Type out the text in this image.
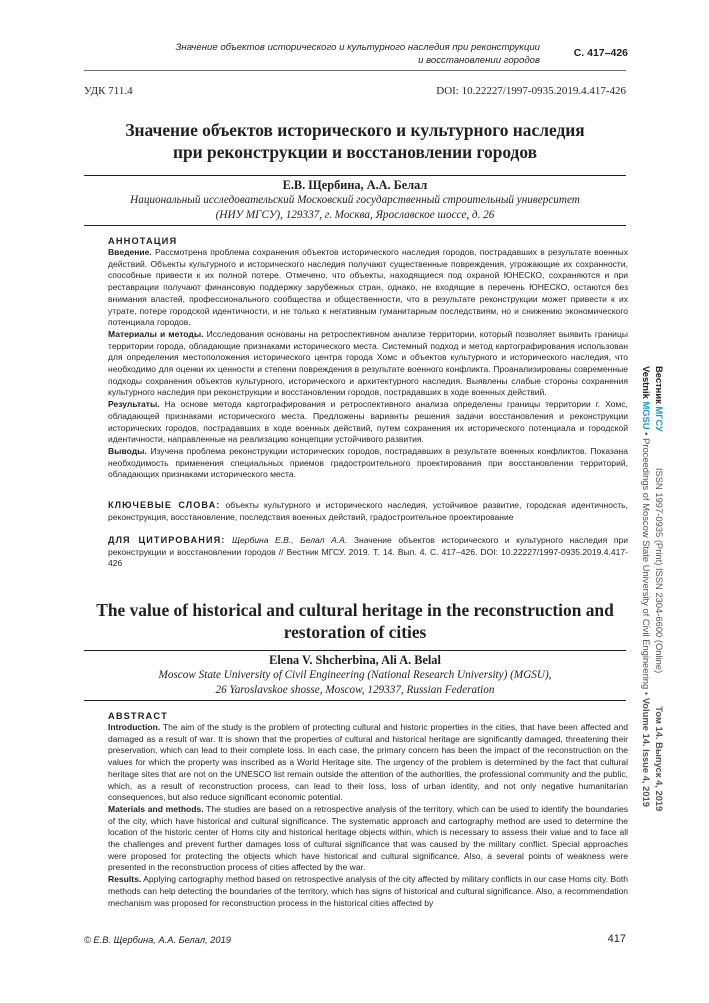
Значение объектов исторического и культурного наследия при реконструкции
и восстановлении городов
С. 417–426
УДК 711.4	DOI: 10.22227/1997-0935.2019.4.417-426
Значение объектов исторического и культурного наследия
при реконструкции и восстановлении городов
Е.В. Щербина, А.А. Белал
Национальный исследовательский Московский государственный строительный университет
(НИУ МГСУ), 129337, г. Москва, Ярославское шоссе, д. 26
АННОТАЦИЯ

Введение. Рассмотрена проблема сохранения объектов исторического наследия городов, пострадавших в результате военных действий. Объекты культурного и исторического наследия получают существенные повреждения, угрожающие их сохранности, способные привести к их полной потере. Отмечено, что объекты, находящиеся под охраной ЮНЕСКО, сохраняются и при реставрации получают финансовую поддержку зарубежных стран, однако, не входящие в перечень ЮНЕСКО, остаются без внимания властей, профессионального сообщества и общественности, что в результате реконструкции может привести к их утрате, потере городской идентичности, и не только к негативным гуманитарным последствиям, но и снижению экономического потенциала городов.

Материалы и методы. Исследования основаны на ретроспективном анализе территории, который позволяет выявить границы территории города, обладающие признаками исторического места. Системный подход и метод картографирования использован для определения местоположения исторического центра города Хомс и объектов культурного и исторического наследия, что необходимо для оценки их ценности и степени повреждения в результате военного конфликта. Проанализированы современные подходы сохранения объектов культурного, исторического и архитектурного наследия. Выявлены слабые стороны сохранения культурного наследия при реконструкции и восстановлении городов, пострадавших в ходе военных действий.

Результаты. На основе метода картографирования и ретроспективного анализа определены границы территории г. Хомс, обладающей признаками исторического места. Предложены варианты решения задачи восстановления и реконструкции исторических городов, пострадавших в ходе военных действий, путем сохранения их исторического потенциала и городской идентичности, направленные на реализацию концепции устойчивого развития.

Выводы. Изучена проблема реконструкции исторических городов, пострадавших в результате военных конфликтов. Показана необходимость применения специальных приемов градостроительного проектирования при восстановлении территорий, обладающих признаками исторического места.

КЛЮЧЕВЫЕ СЛОВА: объекты культурного и исторического наследия, устойчивое развитие, городская идентичность, реконструкция, восстановление, последствия военных действий, градостроительное проектирование

ДЛЯ ЦИТИРОВАНИЯ: Щербина Е.В., Белал А.А. Значение объектов исторического и культурного наследия при реконструкции и восстановлении городов // Вестник МГСУ. 2019. Т. 14. Вып. 4. С. 417–426. DOI: 10.22227/1997-0935.2019.4.417-426

The value of historical and cultural heritage in the reconstruction and
restoration of cities
Elena V. Shcherbina, Ali A. Belal
Moscow State University of Civil Engineering (National Research University) (MGSU),
26 Yaroslavskoe shosse, Moscow, 129337, Russian Federation
ABSTRACT

Introduction. The aim of the study is the problem of protecting cultural and historic properties in the cities, that have been affected and damaged as a result of war. It is shown that the properties of cultural and historical heritage are significantly damaged, threatening their preservation, which can lead to their complete loss. In each case, the primary concern has been the impact of the reconstruction on the values for which the property was inscribed as a World Heritage site. The urgency of the problem is determined by the fact that cultural heritage sites that are not on the UNESCO list remain outside the attention of the authorities, the professional community and the public, which, as a result of reconstruction process, can lead to their loss, loss of urban identity, and not only negative humanitarian consequences, but also reduce significant economic potential.

Materials and methods. The studies are based on a retrospective analysis of the territory, which can be used to identify the boundaries of the city, which have historical and cultural significance. The systematic approach and cartography method are used to determine the location of the historic center of Homs city and historical heritage objects within, which is necessary to assess their value and to face all the challenges and prevent further damages loss of cultural significance that was caused by the military conflict. Special approaches were proposed for protecting the objects which have historical and cultural significance. Also, a several points of weakness were presented in the reconstruction process of cities affected by the war.

Results. Applying cartography method based on retrospective analysis of the city affected by military conflicts in our case Homs city. Both methods can help detecting the boundaries of the territory, which has signs of historical and cultural significance. Also, a recommendation mechanism was proposed for reconstruction process in the historical cities affected by

© Е.В. Щербина, А.А. Белал, 2019	417
Вестник МГСУISSN 1997-0935 (Print) ISSN 2304-6600 (Online)Том 14. Выпуск 4, 2019
Vestnik MGSU • Proceedings of Moscow State University of Civil Engineering • Volume 14. Issue 4, 2019
